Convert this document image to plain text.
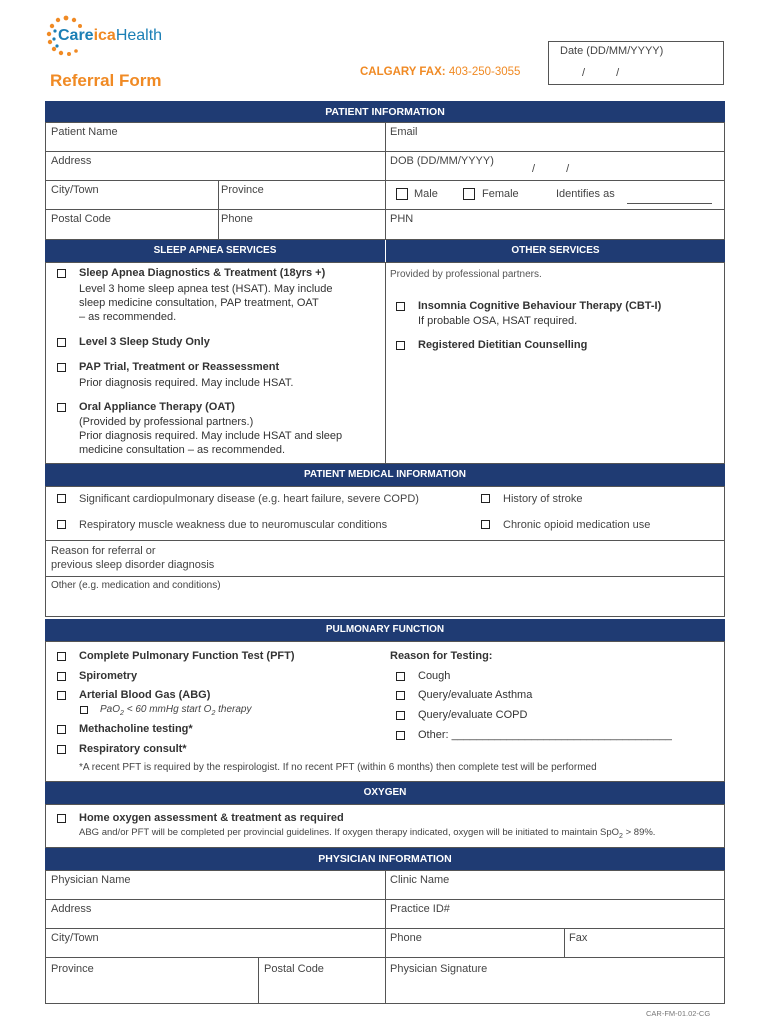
CareicaHealth
Referral Form	CALGARY FAX: 403-250-3055
Date (DD/MM/YYYY)
/ /
PATIENT INFORMATION
Patient Name	Email
Address	DOB (DD/MM/YYYY)
/ /
City/Town	Province	Male	Female	Identifies as
Postal Code	Phone	PHN
SLEEP APNEA SERVICES	OTHER SERVICES
Sleep Apnea Diagnostics & Treatment (18yrs +)
Level 3 home sleep apnea test (HSAT). May include
sleep medicine consultation, PAP treatment, OAT
– as recommended.
Level 3 Sleep Study Only
PAP Trial, Treatment or Reassessment
Prior diagnosis required. May include HSAT.
Oral Appliance Therapy (OAT)
(Provided by professional partners.)
Prior diagnosis required. May include HSAT and sleep
medicine consultation – as recommended.
Provided by professional partners.
Insomnia Cognitive Behaviour Therapy (CBT-I)
If probable OSA, HSAT required.
Registered Dietitian Counselling
PATIENT MEDICAL INFORMATION
Significant cardiopulmonary disease (e.g. heart failure, severe COPD)	History of stroke
Respiratory muscle weakness due to neuromuscular conditions	Chronic opioid medication use
Reason for referral or
previous sleep disorder diagnosis
Other (e.g. medication and conditions)
PULMONARY FUNCTION
Complete Pulmonary Function Test (PFT)
Spirometry
Arterial Blood Gas (ABG)
PaO$_2$ < 60 mmHg start $O_2$ therapy
Methacholine testing*
Respiratory consult*
Reason for Testing:
Cough
Query/evaluate Asthma
Query/evaluate COPD
Other: ____________________________________
*A recent PFT is required by the respirologist. If no recent PFT (within 6 months) then complete test will be performed
OXYGEN
Home oxygen assessment & treatment as required
ABG and/or PFT will be completed per provincial guidelines. If oxygen therapy indicated, oxygen will be initiated to maintain SpO$_2$ > 89%.
PHYSICIAN INFORMATION
Physician Name	Clinic Name
Address	Practice ID#
City/Town	Phone	Fax
Province	Postal Code	Physician Signature
CAR-FM-01.02-CG
